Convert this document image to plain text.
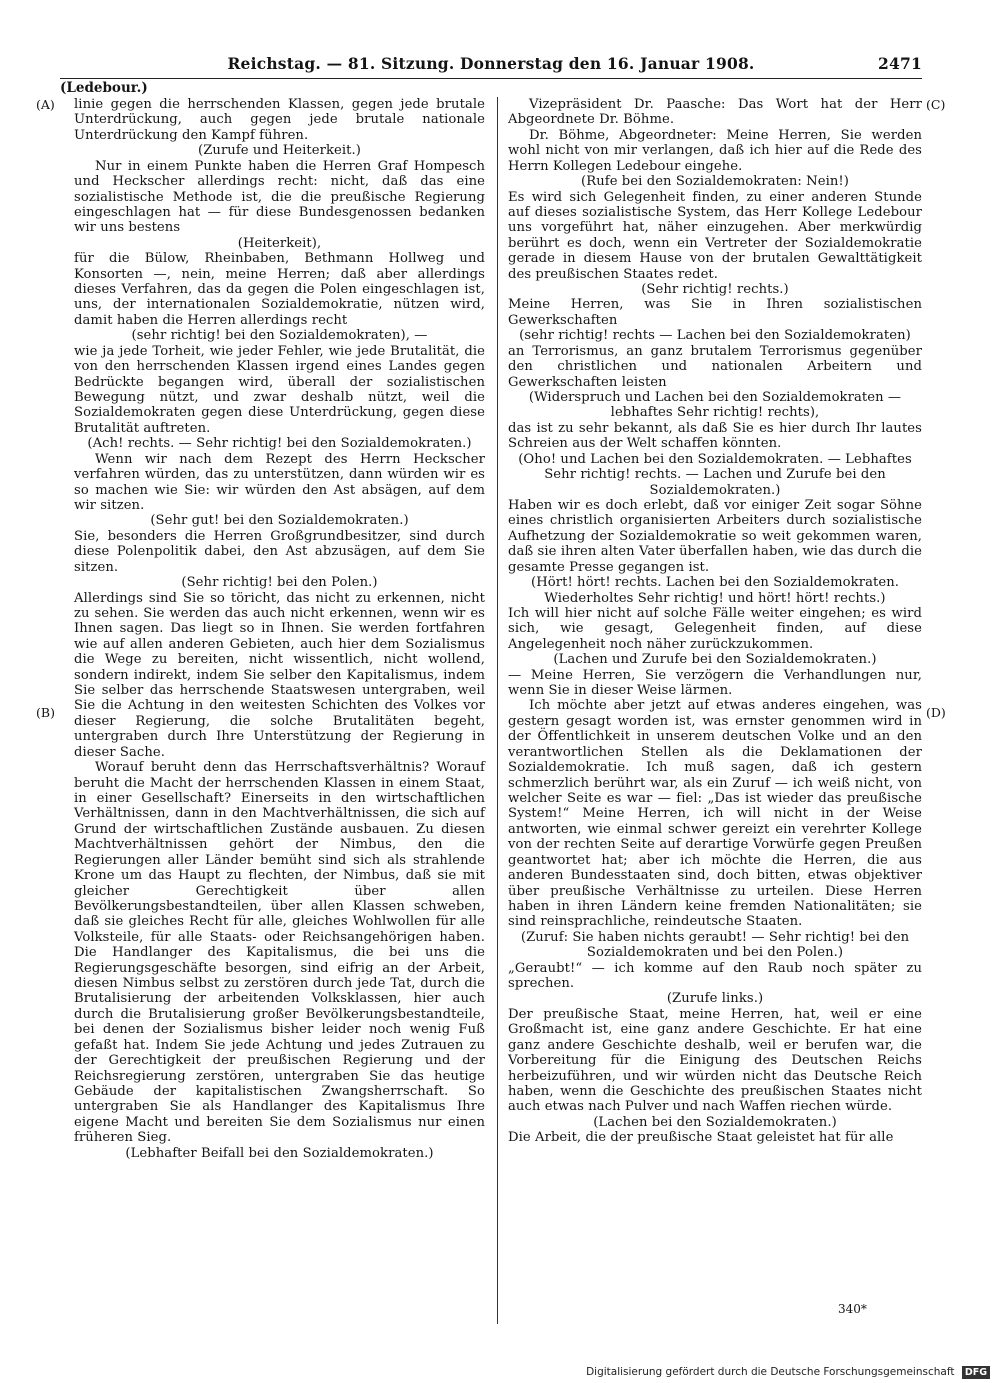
Reichstag. — 81. Sitzung. Donnerstag den 16. Januar 1908.	2471
(Ledebour.)
(A)
(B)
(C)
(D)

linie gegen die herrschenden Klassen, gegen jede brutale Unterdrückung, auch gegen jede brutale nationale Unterdrückung den Kampf führen.

(Zurufe und Heiterkeit.)

Nur in einem Punkte haben die Herren Graf Hompesch und Heckscher allerdings recht: nicht, daß das eine sozialistische Methode ist, die die preußische Regierung eingeschlagen hat — für diese Bundesgenossen bedanken wir uns bestens

(Heiterkeit),

für die Bülow, Rheinbaben, Bethmann Hollweg und Konsorten —, nein, meine Herren; daß aber allerdings dieses Verfahren, das da gegen die Polen eingeschlagen ist, uns, der internationalen Sozialdemokratie, nützen wird, damit haben die Herren allerdings recht

(sehr richtig! bei den Sozialdemokraten), —

wie ja jede Torheit, wie jeder Fehler, wie jede Brutalität, die von den herrschenden Klassen irgend eines Landes gegen Bedrückte begangen wird, überall der sozialistischen Bewegung nützt, und zwar deshalb nützt, weil die Sozialdemokraten gegen diese Unterdrückung, gegen diese Brutalität auftreten.

(Ach! rechts. — Sehr richtig! bei den Sozialdemokraten.)

Wenn wir nach dem Rezept des Herrn Heckscher verfahren würden, das zu unterstützen, dann würden wir es so machen wie Sie: wir würden den Ast absägen, auf dem wir sitzen.

(Sehr gut! bei den Sozialdemokraten.)

Sie, besonders die Herren Großgrundbesitzer, sind durch diese Polenpolitik dabei, den Ast abzusägen, auf dem Sie sitzen.

(Sehr richtig! bei den Polen.)

Allerdings sind Sie so töricht, das nicht zu erkennen, nicht zu sehen. Sie werden das auch nicht erkennen, wenn wir es Ihnen sagen. Das liegt so in Ihnen. Sie werden fortfahren wie auf allen anderen Gebieten, auch hier dem Sozialismus die Wege zu bereiten, nicht wissentlich, nicht wollend, sondern indirekt, indem Sie selber den Kapitalismus, indem Sie selber das herrschende Staatswesen untergraben, weil Sie die Achtung in den weitesten Schichten des Volkes vor dieser Regierung, die solche Brutalitäten begeht, untergraben durch Ihre Unterstützung der Regierung in dieser Sache.

Worauf beruht denn das Herrschaftsverhältnis? Worauf beruht die Macht der herrschenden Klassen in einem Staat, in einer Gesellschaft? Einerseits in den wirtschaftlichen Verhältnissen, dann in den Machtverhältnissen, die sich auf Grund der wirtschaftlichen Zustände ausbauen. Zu diesen Machtverhältnissen gehört der Nimbus, den die Regierungen aller Länder bemüht sind sich als strahlende Krone um das Haupt zu flechten, der Nimbus, daß sie mit gleicher Gerechtigkeit über allen Bevölkerungsbestandteilen, über allen Klassen schweben, daß sie gleiches Recht für alle, gleiches Wohlwollen für alle Volksteile, für alle Staats- oder Reichsangehörigen haben. Die Handlanger des Kapitalismus, die bei uns die Regierungsgeschäfte besorgen, sind eifrig an der Arbeit, diesen Nimbus selbst zu zerstören durch jede Tat, durch die Brutalisierung der arbeitenden Volksklassen, hier auch durch die Brutalisierung großer Bevölkerungsbestandteile, bei denen der Sozialismus bisher leider noch wenig Fuß gefaßt hat. Indem Sie jede Achtung und jedes Zutrauen zu der Gerechtigkeit der preußischen Regierung und der Reichsregierung zerstören, untergraben Sie das heutige Gebäude der kapitalistischen Zwangsherrschaft. So untergraben Sie als Handlanger des Kapitalismus Ihre eigene Macht und bereiten Sie dem Sozialismus nur einen früheren Sieg.

(Lebhafter Beifall bei den Sozialdemokraten.)

Vizepräsident Dr. Paasche: Das Wort hat der Herr Abgeordnete Dr. Böhme.

Dr. Böhme, Abgeordneter: Meine Herren, Sie werden wohl nicht von mir verlangen, daß ich hier auf die Rede des Herrn Kollegen Ledebour eingehe.

(Rufe bei den Sozialdemokraten: Nein!)

Es wird sich Gelegenheit finden, zu einer anderen Stunde auf dieses sozialistische System, das Herr Kollege Ledebour uns vorgeführt hat, näher einzugehen. Aber merkwürdig berührt es doch, wenn ein Vertreter der Sozialdemokratie gerade in diesem Hause von der brutalen Gewalttätigkeit des preußischen Staates redet.

(Sehr richtig! rechts.)

Meine Herren, was Sie in Ihren sozialistischen Gewerkschaften

(sehr richtig! rechts — Lachen bei den Sozialdemokraten)

an Terrorismus, an ganz brutalem Terrorismus gegenüber den christlichen und nationalen Arbeitern und Gewerkschaften leisten

(Widerspruch und Lachen bei den Sozialdemokraten — lebhaftes Sehr richtig! rechts),

das ist zu sehr bekannt, als daß Sie es hier durch Ihr lautes Schreien aus der Welt schaffen könnten.

(Oho! und Lachen bei den Sozialdemokraten. — Lebhaftes Sehr richtig! rechts. — Lachen und Zurufe bei den Sozialdemokraten.)

Haben wir es doch erlebt, daß vor einiger Zeit sogar Söhne eines christlich organisierten Arbeiters durch sozialistische Aufhetzung der Sozialdemokratie so weit gekommen waren, daß sie ihren alten Vater überfallen haben, wie das durch die gesamte Presse gegangen ist.

(Hört! hört! rechts. Lachen bei den Sozialdemokraten. Wiederholtes Sehr richtig! und hört! hört! rechts.)

Ich will hier nicht auf solche Fälle weiter eingehen; es wird sich, wie gesagt, Gelegenheit finden, auf diese Angelegenheit noch näher zurückzukommen.

(Lachen und Zurufe bei den Sozialdemokraten.)

— Meine Herren, Sie verzögern die Verhandlungen nur, wenn Sie in dieser Weise lärmen.

Ich möchte aber jetzt auf etwas anderes eingehen, was gestern gesagt worden ist, was ernster genommen wird in der Öffentlichkeit in unserem deutschen Volke und an den verantwortlichen Stellen als die Deklamationen der Sozialdemokratie. Ich muß sagen, daß ich gestern schmerzlich berührt war, als ein Zuruf — ich weiß nicht, von welcher Seite es war — fiel: „Das ist wieder das preußische System!“ Meine Herren, ich will nicht in der Weise antworten, wie einmal schwer gereizt ein verehrter Kollege von der rechten Seite auf derartige Vorwürfe gegen Preußen geantwortet hat; aber ich möchte die Herren, die aus anderen Bundesstaaten sind, doch bitten, etwas objektiver über preußische Verhältnisse zu urteilen. Diese Herren haben in ihren Ländern keine fremden Nationalitäten; sie sind reinsprachliche, reindeutsche Staaten.

(Zuruf: Sie haben nichts geraubt! — Sehr richtig! bei den Sozialdemokraten und bei den Polen.)

„Geraubt!“ — ich komme auf den Raub noch später zu sprechen.

(Zurufe links.)

Der preußische Staat, meine Herren, hat, weil er eine Großmacht ist, eine ganz andere Geschichte. Er hat eine ganz andere Geschichte deshalb, weil er berufen war, die Vorbereitung für die Einigung des Deutschen Reichs herbeizuführen, und wir würden nicht das Deutsche Reich haben, wenn die Geschichte des preußischen Staates nicht auch etwas nach Pulver und nach Waffen riechen würde.

(Lachen bei den Sozialdemokraten.)

Die Arbeit, die der preußische Staat geleistet hat für alle

340*
Digitalisierung gefördert durch die Deutsche Forschungsgemeinschaft DFG
